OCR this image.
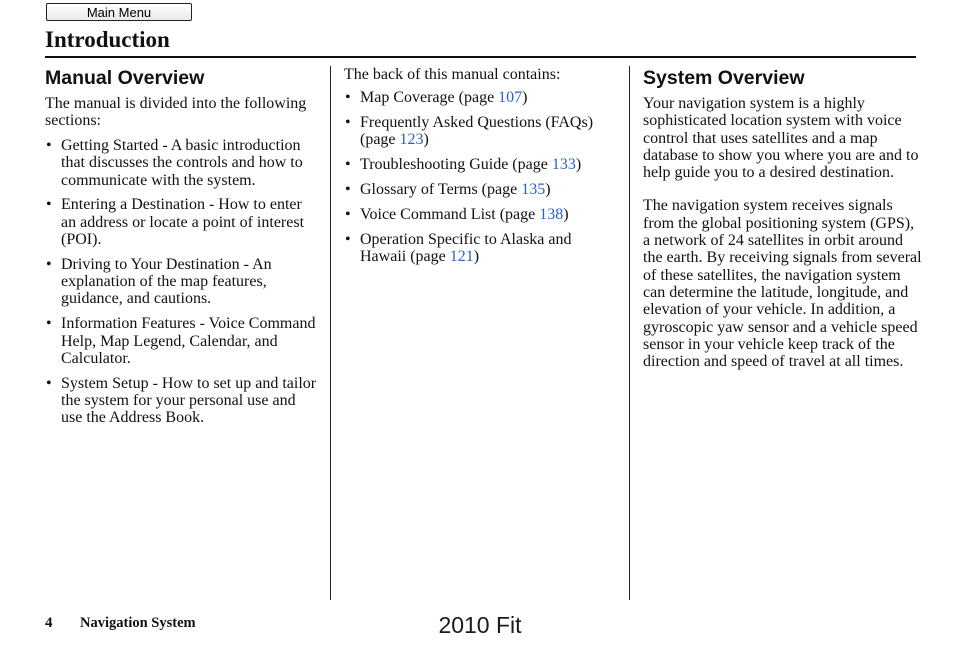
Main Menu
Introduction
Manual Overview

The manual is divided into the following sections:

• Getting Started - A basic introduction that discusses the controls and how to communicate with the system.
• Entering a Destination - How to enter an address or locate a point of interest (POI).
• Driving to Your Destination - An explanation of the map features, guidance, and cautions.
• Information Features - Voice Command Help, Map Legend, Calendar, and Calculator.
• System Setup - How to set up and tailor the system for your personal use and use the Address Book.

The back of this manual contains:

• Map Coverage (page 107)
• Frequently Asked Questions (FAQs) (page 123)
• Troubleshooting Guide (page 133)
• Glossary of Terms (page 135)
• Voice Command List (page 138)
• Operation Specific to Alaska and Hawaii (page 121)
System Overview

Your navigation system is a highly sophisticated location system with voice control that uses satellites and a map database to show you where you are and to help guide you to a desired destination.

The navigation system receives signals from the global positioning system (GPS), a network of 24 satellites in orbit around the earth. By receiving signals from several of these satellites, the navigation system can determine the latitude, longitude, and elevation of your vehicle. In addition, a gyroscopic yaw sensor and a vehicle speed sensor in your vehicle keep track of the direction and speed of travel at all times.

4 Navigation System	2010 Fit
